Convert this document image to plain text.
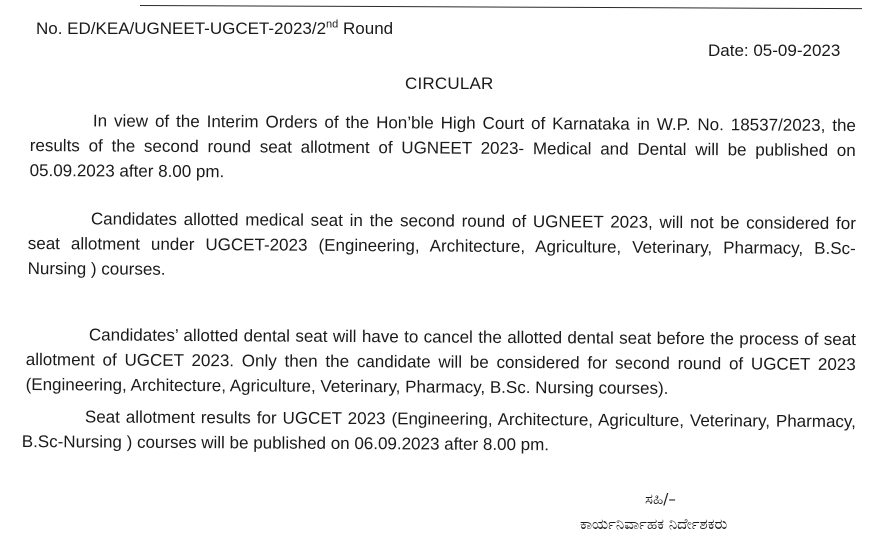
No. ED/KEA/UGNEET-UGCET-2023/2nd Round
Date: 05-09-2023
CIRCULAR

In view of the Interim Orders of the Hon’ble High Court of Karnataka in W.P. No. 18537/2023, the results of the second round seat allotment of UGNEET 2023- Medical and Dental will be published on 05.09.2023 after 8.00 pm.

Candidates allotted medical seat in the second round of UGNEET 2023, will not be considered for seat allotment under UGCET-2023 (Engineering, Architecture, Agriculture, Veterinary, Pharmacy, B.Sc-Nursing ) courses.

Candidates’ allotted dental seat will have to cancel the allotted dental seat before the process of seat allotment of UGCET 2023. Only then the candidate will be considered for second round of UGCET 2023 (Engineering, Architecture, Agriculture, Veterinary, Pharmacy, B.Sc. Nursing courses).

Seat allotment results for UGCET 2023 (Engineering, Architecture, Agriculture, Veterinary, Pharmacy, B.Sc-Nursing ) courses will be published on 06.09.2023 after 8.00 pm.

ಸಹಿ/–
ಕಾರ್ಯನಿರ್ವಾಹಕ ನಿರ್ದೇಶಕರು
